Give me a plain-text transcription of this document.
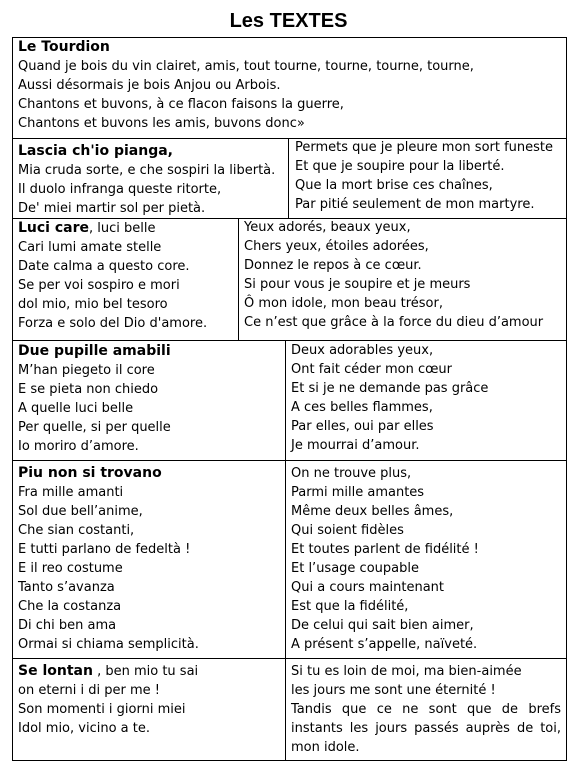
Les TEXTES

Le Tourdion

Quand je bois du vin clairet, amis, tout tourne, tourne, tourne, tourne,

Aussi désormais je bois Anjou ou Arbois.

Chantons et buvons, à ce flacon faisons la guerre,

Chantons et buvons les amis, buvons donc»

Lascia ch'io pianga,

Mia cruda sorte, e che sospiri la libertà.

Il duolo infranga queste ritorte,

De' miei martir sol per pietà.

Permets que je pleure mon sort funeste

Et que je soupire pour la liberté.

Que la mort brise ces chaînes,

Par pitié seulement de mon martyre.

Luci care, luci belle

Cari lumi amate stelle

Date calma a questo core.

Se per voi sospiro e mori

dol mio, mio bel tesoro

Forza e solo del Dio d'amore.

Yeux adorés, beaux yeux,

Chers yeux, étoiles adorées,

Donnez le repos à ce cœur.

Si pour vous je soupire et je meurs

Ô mon idole, mon beau trésor,

Ce n’est que grâce à la force du dieu d’amour

Due pupille amabili

M’han piegeto il core

E se pieta non chiedo

A quelle luci belle

Per quelle, si per quelle

Io moriro d’amore.

Deux adorables yeux,

Ont fait céder mon cœur

Et si je ne demande pas grâce

A ces belles flammes,

Par elles, oui par elles

Je mourrai d’amour.

Piu non si trovano

Fra mille amanti

Sol due bell’anime,

Che sian costanti,

E tutti parlano de fedeltà !

E il reo costume

Tanto s’avanza

Che la costanza

Di chi ben ama

Ormai si chiama semplicità.

On ne trouve plus,

Parmi mille amantes

Même deux belles âmes,

Qui soient fidèles

Et toutes parlent de fidélité !

Et l’usage coupable

Qui a cours maintenant

Est que la fidélité,

De celui qui sait bien aimer,

A présent s’appelle, naïveté.

Se lontan , ben mio tu sai

on eterni i di per me !

Son momenti i giorni miei

Idol mio, vicino a te.

Si tu es loin de moi, ma bien-aimée

les jours me sont une éternité !

Tandis que ce ne sont que de brefs instants les jours passés auprès de toi, mon idole.
